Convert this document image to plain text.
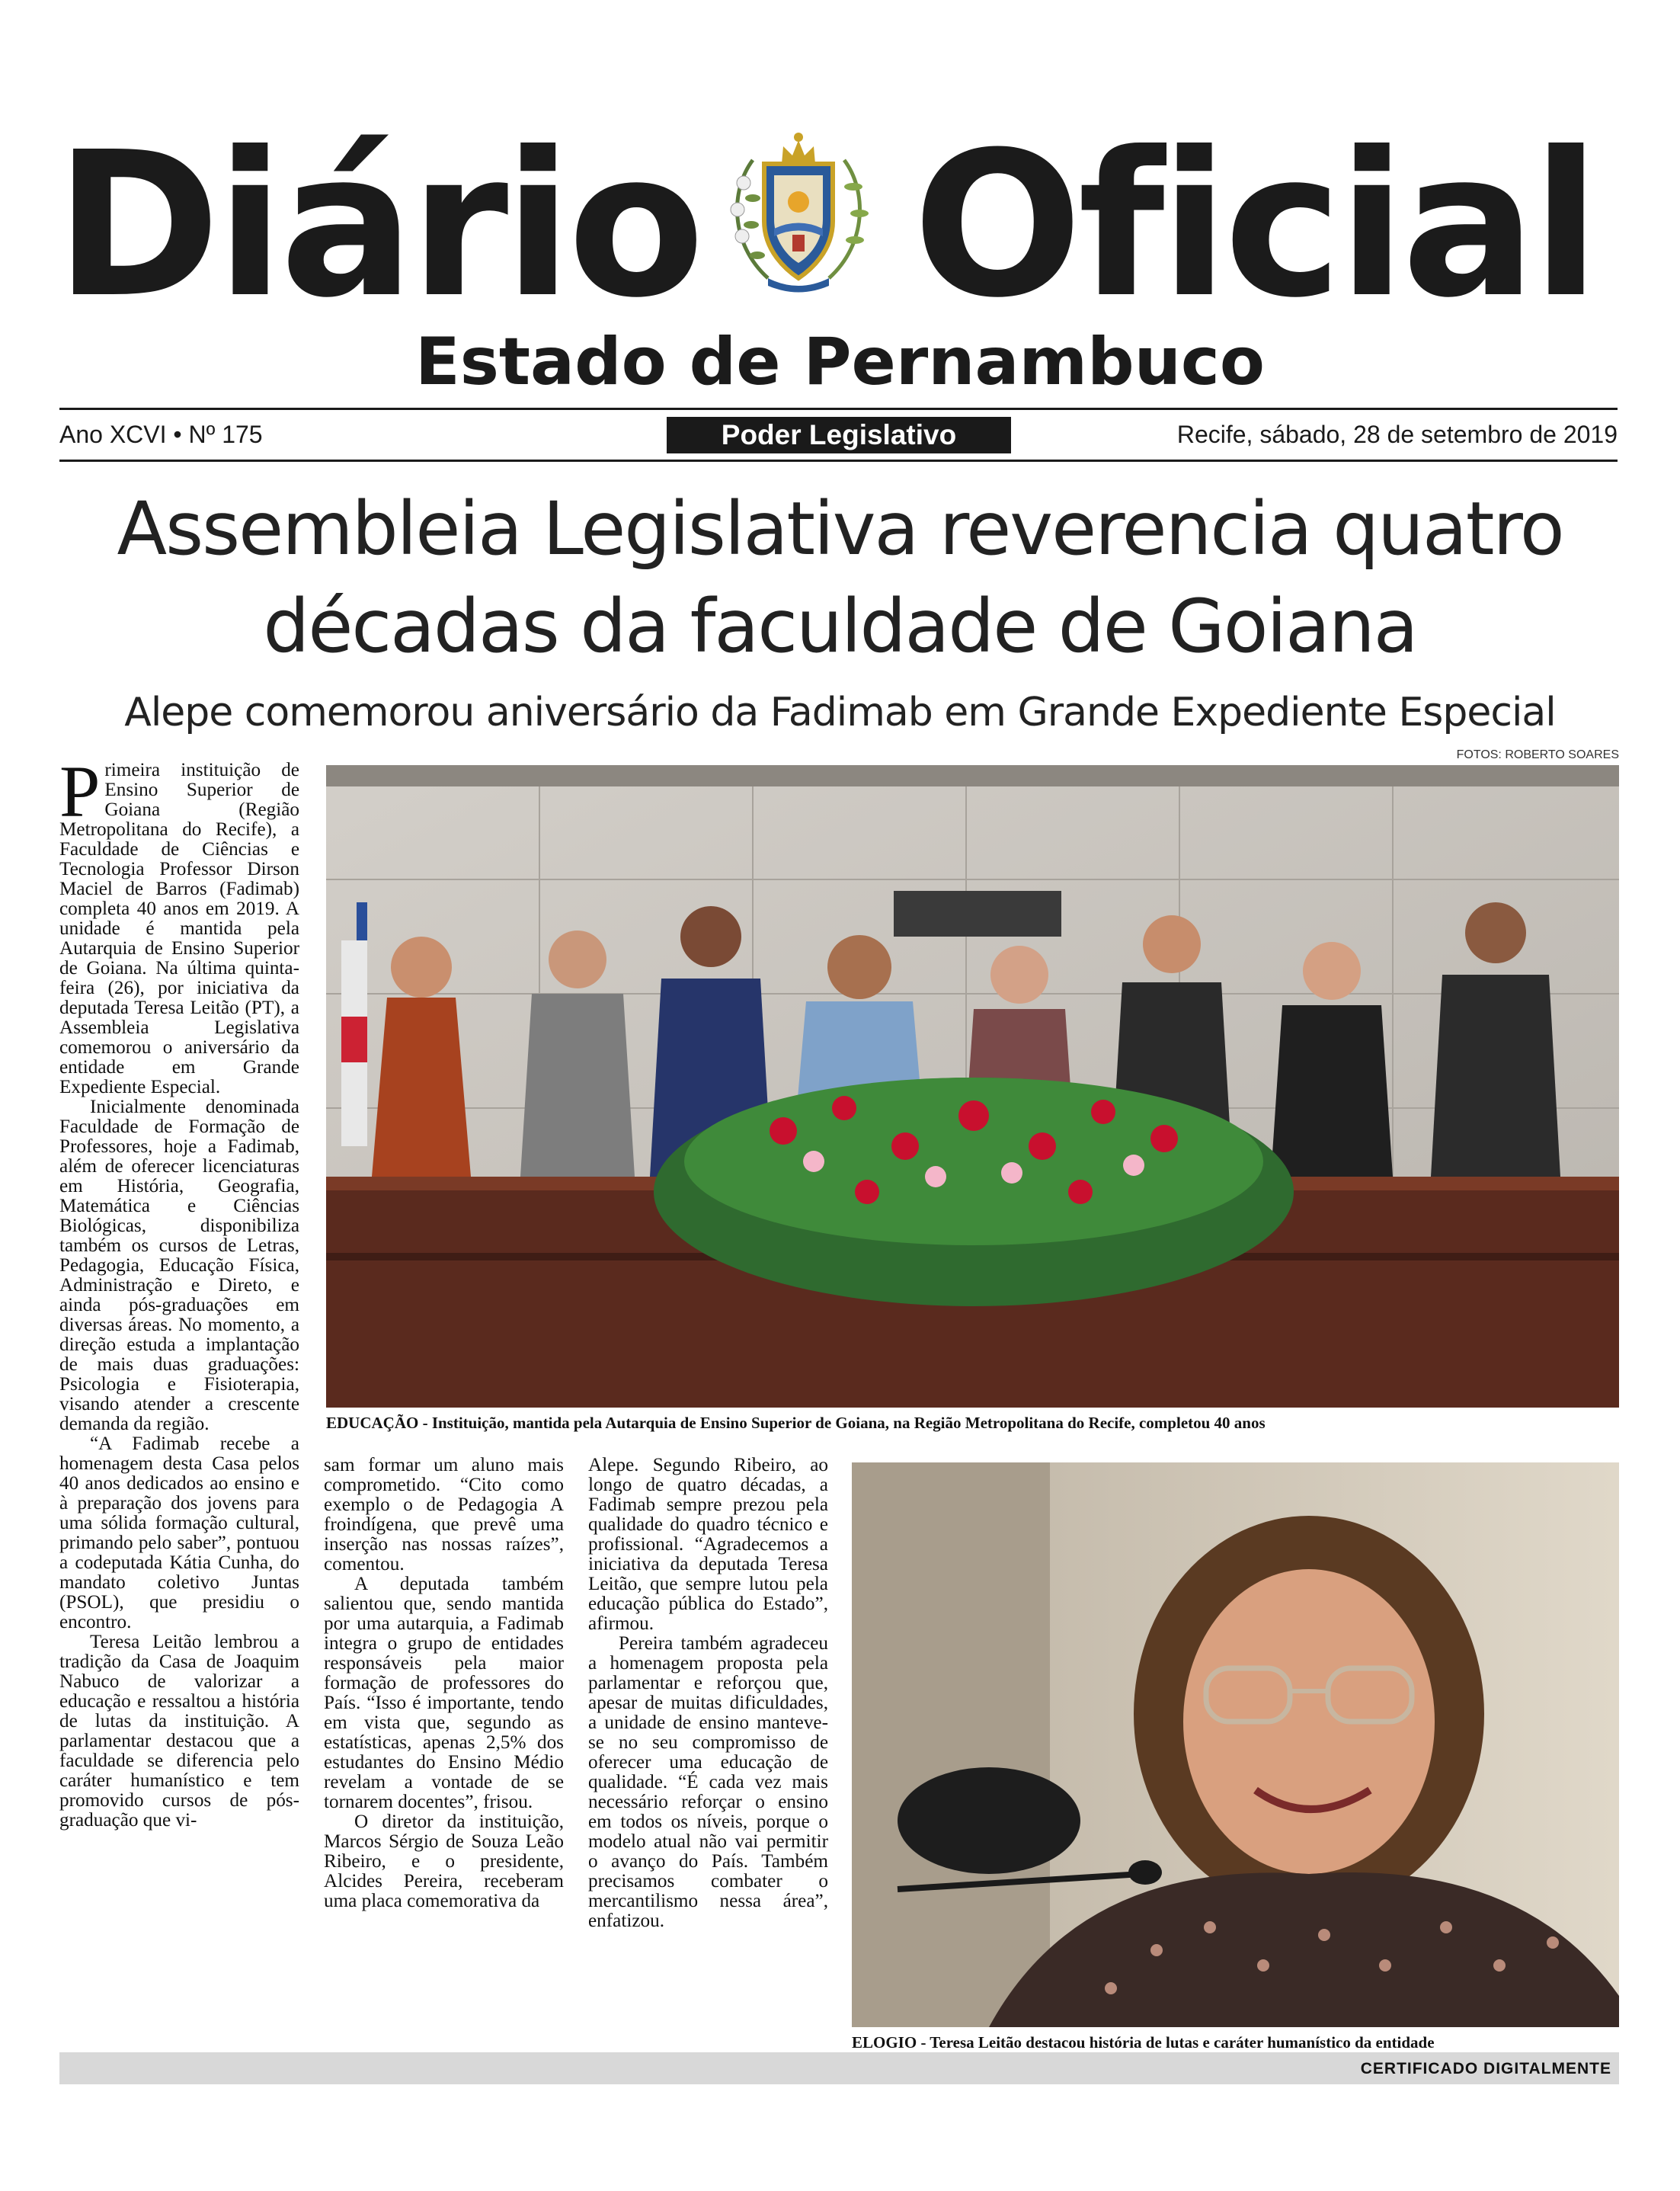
Diário Oficial
Estado de Pernambuco
Ano XCVI • Nº 175	Poder Legislativo	Recife, sábado, 28 de setembro de 2019
Assembleia Legislativa reverencia quatro
décadas da faculdade de Goiana
Alepe comemorou aniversário da Fadimab em Grande Expediente Especial
FOTOS: ROBERTO SOARES
EDUCAÇÃO - Instituição, mantida pela Autarquia de Ensino Superior de Goiana, na Região Metropolitana do Recife, completou 40 anos

Primeira instituição de Ensino Superior de Goiana (Região Metropolitana do Recife), a Faculdade de Ciências e Tecnologia Professor Dirson Maciel de Barros (Fadimab) completa 40 anos em 2019. A unidade é mantida pela Autarquia de Ensino Superior de Goiana. Na última quinta-feira (26), por iniciativa da deputada Teresa Leitão (PT), a Assembleia Legislativa comemorou o aniversário da entidade em Grande Expediente Especial.

Inicialmente denominada Faculdade de Formação de Professores, hoje a Fadimab, além de oferecer licenciaturas em História, Geografia, Matemática e Ciências Biológicas, disponibiliza também os cursos de Letras, Pedagogia, Educação Física, Administração e Direto, e ainda pós-graduações em diversas áreas. No momento, a direção estuda a implantação de mais duas graduações: Psicologia e Fisioterapia, visando atender a crescente demanda da região.

“A Fadimab recebe a homenagem desta Casa pelos 40 anos dedicados ao ensino e à preparação dos jovens para uma sólida formação cultural, primando pelo saber”, pontuou a codeputada Kátia Cunha, do mandato coletivo Juntas (PSOL), que presidiu o encontro.

Teresa Leitão lembrou a tradição da Casa de Joaquim Nabuco de valorizar a educação e ressaltou a história de lutas da instituição. A parlamentar destacou que a faculdade se diferencia pelo caráter humanístico e tem promovido cursos de pós-graduação que vi-

sam formar um aluno mais comprometido. “Cito como exemplo o de Pedagogia A froindígena, que prevê uma inserção nas nossas raízes”, comentou.

A deputada também salientou que, sendo mantida por uma autarquia, a Fadimab integra o grupo de entidades responsáveis pela maior formação de professores do País. “Isso é importante, tendo em vista que, segundo as estatísticas, apenas 2,5% dos estudantes do Ensino Médio revelam a vontade de se tornarem docentes”, frisou.

O diretor da instituição, Marcos Sérgio de Souza Leão Ribeiro, e o presidente, Alcides Pereira, receberam uma placa comemorativa da

Alepe. Segundo Ribeiro, ao longo de quatro décadas, a Fadimab sempre prezou pela qualidade do quadro técnico e profissional. “Agradecemos a iniciativa da deputada Teresa Leitão, que sempre lutou pela educação pública do Estado”, afirmou.

Pereira também agradeceu a homenagem proposta pela parlamentar e reforçou que, apesar de muitas dificuldades, a unidade de ensino manteve-se no seu compromisso de oferecer uma educação de qualidade. “É cada vez mais necessário reforçar o ensino em todos os níveis, porque o modelo atual não vai permitir o avanço do País. Também precisamos combater o mercantilismo nessa área”, enfatizou.

ELOGIO - Teresa Leitão destacou história de lutas e caráter humanístico da entidade
CERTIFICADO DIGITALMENTE
